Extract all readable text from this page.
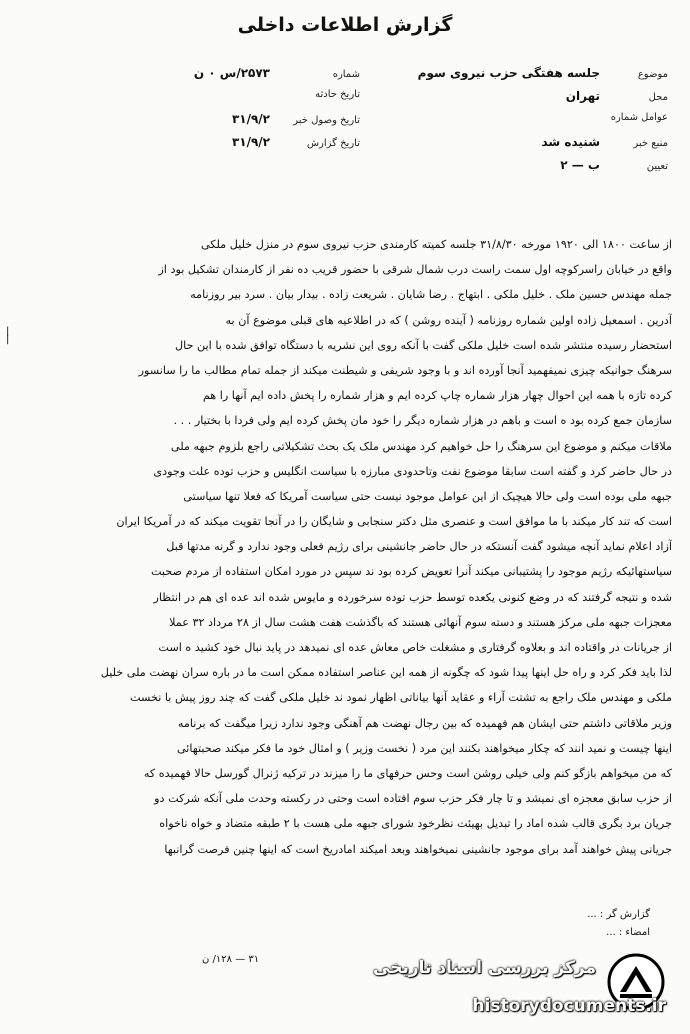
گزارش اطلاعات داخلی
موضوع
جلسه هفتگی حزب نیروی سوم
محل
تهران
عوامل شماره
منبع خبر
شنیده شد
تعیین
ب — ۲
شماره
۲۵۷۳/س ۰ ن
تاریخ حادثه
تاریخ وصول خبر
۳۱/۹/۲
تاریخ گزارش
۳۱/۹/۲
|
|
از ساعت ۱۸۰۰ الی ۱۹۲۰ مورخه ۳۱/۸/۳۰ جلسه کمیته کارمندی حزب نیروی سوم در منزل خلیل ملکی
واقع در خیابان راسرکوچه اول سمت راست درب شمال شرقی با حضور قریب ده نفر از کارمندان تشکیل بود از
جمله مهندس حسین ملک . خلیل ملکی . ابتهاج . رضا شایان . شریعت زاده . بیدار بیان . سرد بیر روزنامه
آدرین . اسمعیل زاده اولین شماره روزنامه ( آینده روشن ) که در اطلاعیه های قبلی موضوع آن به
استحضار رسیده منتشر شده است خلیل ملکی گفت با آنکه روی این نشریه با دستگاه توافق شده با این حال
سرهنگ جوانیکه چیزی نمیفهمید آنجا آورده اند و با وجود شریفی و شیطنت میکند از جمله تمام مطالب ما را سانسور
کرده تازه با همه این احوال چهار هزار شماره چاپ کرده ایم و هزار شماره را پخش داده ایم آنها را هم
سازمان جمع کرده بود ه است و باهم در هزار شماره دیگر را خود مان پخش کرده ایم ولی فردا با بختیار . . .
ملاقات میکنم و موضوع این سرهنگ را حل خواهیم کرد مهندس ملک یک بحث تشکیلاتی راجع بلزوم جبهه ملی
در حال حاضر کرد و گفته است سابقا موضوع نفت وتاحدودی مبارزه با سیاست انگلیس و حزب توده علت وجودی
جبهه ملی بوده است ولی حالا هیچیک از این عوامل موجود نیست حتی سیاست آمریکا که فعلا تنها سیاستی
است که تند کار میکند با ما موافق است و عنصری مثل دکتر سنجابی و شایگان را در آنجا تقویت میکند که در آمریکا ایران
آزاد اعلام نماید آنچه میشود گفت آنستکه در حال حاضر جانشینی برای رژیم فعلی وجود ندارد و گرنه مدتها قبل
سیاستهائیکه رژیم موجود را پشتیبانی میکند آنرا تعویض کرده بود ند سپس در مورد امکان استفاده از مردم صحبت
شده و نتیجه گرفتند که در وضع کنونی یکعده توسط حزب توده سرخورده و مایوس شده اند عده ای هم در انتظار
معجزات جبهه ملی مرکز هستند و دسته سوم آنهائی هستند که باگذشت هفت هشت سال از ۲۸ مرداد ۳۲ عملا
از جریانات در واقتاده اند و بعلاوه گرفتاری و مشغلت خاص معاش عده ای نمیدهد در پاید نبال خود کشید ه است
لذا باید فکر کرد و راه حل اینها پیدا شود که چگونه از همه این عناصر استفاده ممکن است ما در باره سران نهضت ملی خلیل
ملکی و مهندس ملک راجع به تشتت آراء و عقاید آنها بیاناتی اظهار نمود ند خلیل ملکی گفت که چند روز پیش با نخست
وزیر ملاقاتی داشتم حتی ایشان هم فهمیده که بین رجال نهضت هم آهنگی وجود ندارد زیرا میگفت که برنامه
اینها چیست و نمید انند که چکار میخواهند بکنند این مرد ( نخست وزیر ) و امثال خود ما فکر میکند صحبتهائی
که من میخواهم بازگو کنم ولی خیلی روشن است وحس حرفهای ما را میزند در ترکیه ژنرال گورسل حالا فهمیده که
از حزب سابق معجزه ای نمیشد و تا چار فکر حزب سوم افتاده است وحتی در رکسته وحدت ملی آنکه شرکت دو
جریان برد بگری قالب شده اماد را تبدیل بهیئت نظرخود شورای جبهه ملی هست با ۲ طبقه متضاد و خواه ناخواه
جریانی پیش خواهند آمد برای موجود جانشینی نمیخواهند وبعد امیکند امادریخ است که اینها چنین فرصت گرانبها
گزارش گر : ...
امضاء : ...
۳۱ — ۱۲۸/ ن	مرکز بررسی اسناد تاریخی
historydocuments.ir
